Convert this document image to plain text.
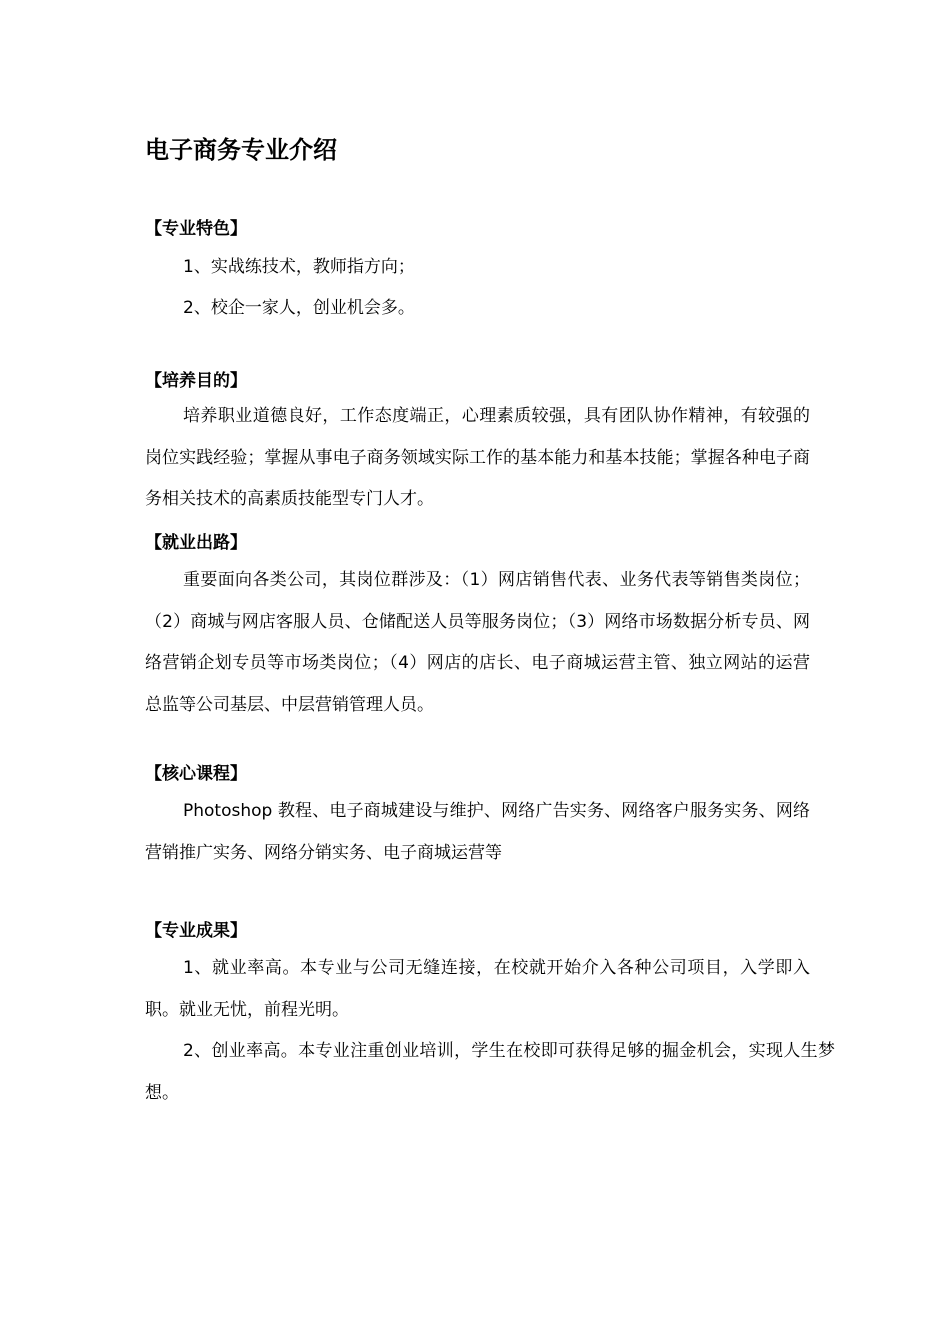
电子商务专业介绍
【专业特色】
1、实战练技术，教师指方向；
2、校企一家人，创业机会多。
【培养目的】

培养职业道德良好，工作态度端正，心理素质较强，具有团队协作精神，有较强的岗位实践经验；掌握从事电子商务领域实际工作的基本能力和基本技能；掌握各种电子商务相关技术的高素质技能型专门人才。

【就业出路】

重要面向各类公司，其岗位群涉及：（1）网店销售代表、业务代表等销售类岗位；（2）商城与网店客服人员、仓储配送人员等服务岗位；（3）网络市场数据分析专员、网络营销企划专员等市场类岗位；（4）网店的店长、电子商城运营主管、独立网站的运营总监等公司基层、中层营销管理人员。

【核心课程】

Photoshop 教程、电子商城建设与维护、网络广告实务、网络客户服务实务、网络营销推广实务、网络分销实务、电子商城运营等

【专业成果】

1、就业率高。本专业与公司无缝连接，在校就开始介入各种公司项目，入学即入职。就业无忧，前程光明。

2、创业率高。本专业注重创业培训，学生在校即可获得足够的掘金机会，实现人生梦想。
